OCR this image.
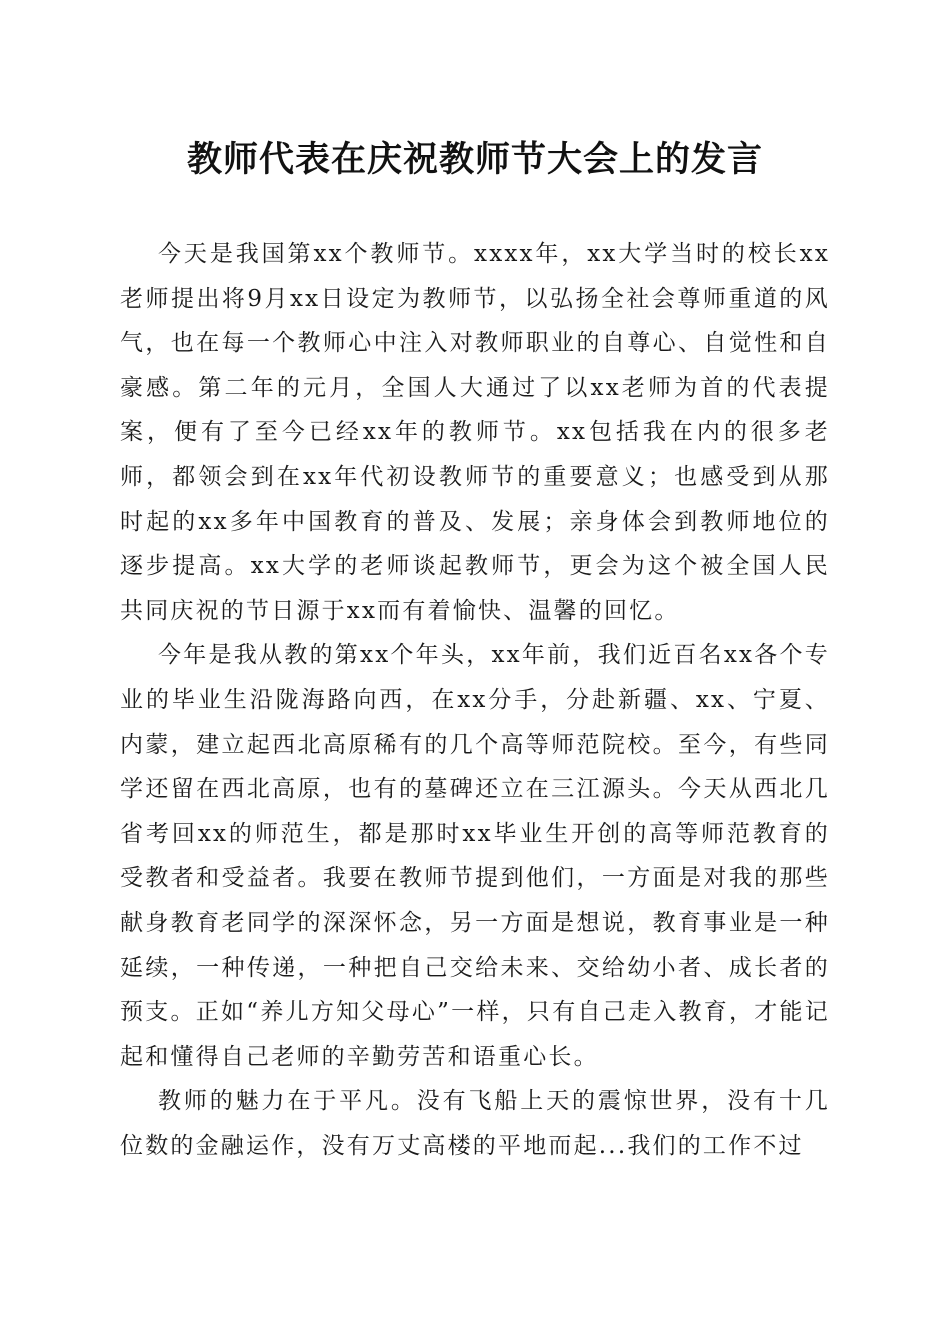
教师代表在庆祝教师节大会上的发言

今天是我国第xx个教师节。xxxx年，xx大学当时的校长xx老师提出将9月xx日设定为教师节，以弘扬全社会尊师重道的风气，也在每一个教师心中注入对教师职业的自尊心、自觉性和自豪感。第二年的元月，全国人大通过了以xx老师为首的代表提案，便有了至今已经xx年的教师节。xx包括我在内的很多老师，都领会到在xx年代初设教师节的重要意义；也感受到从那时起的xx多年中国教育的普及、发展；亲身体会到教师地位的逐步提高。xx大学的老师谈起教师节，更会为这个被全国人民共同庆祝的节日源于xx而有着愉快、温馨的回忆。

今年是我从教的第xx个年头，xx年前，我们近百名xx各个专业的毕业生沿陇海路向西，在xx分手，分赴新疆、xx、宁夏、内蒙，建立起西北高原稀有的几个高等师范院校。至今，有些同学还留在西北高原，也有的墓碑还立在三江源头。今天从西北几省考回xx的师范生，都是那时xx毕业生开创的高等师范教育的受教者和受益者。我要在教师节提到他们，一方面是对我的那些献身教育老同学的深深怀念，另一方面是想说，教育事业是一种延续，一种传递，一种把自己交给未来、交给幼小者、成长者的预支。正如“养儿方知父母心”一样，只有自己走入教育，才能记起和懂得自己老师的辛勤劳苦和语重心长。

教师的魅力在于平凡。没有飞船上天的震惊世界，没有十几位数的金融运作，没有万丈高楼的平地而起...我们的工作不过
